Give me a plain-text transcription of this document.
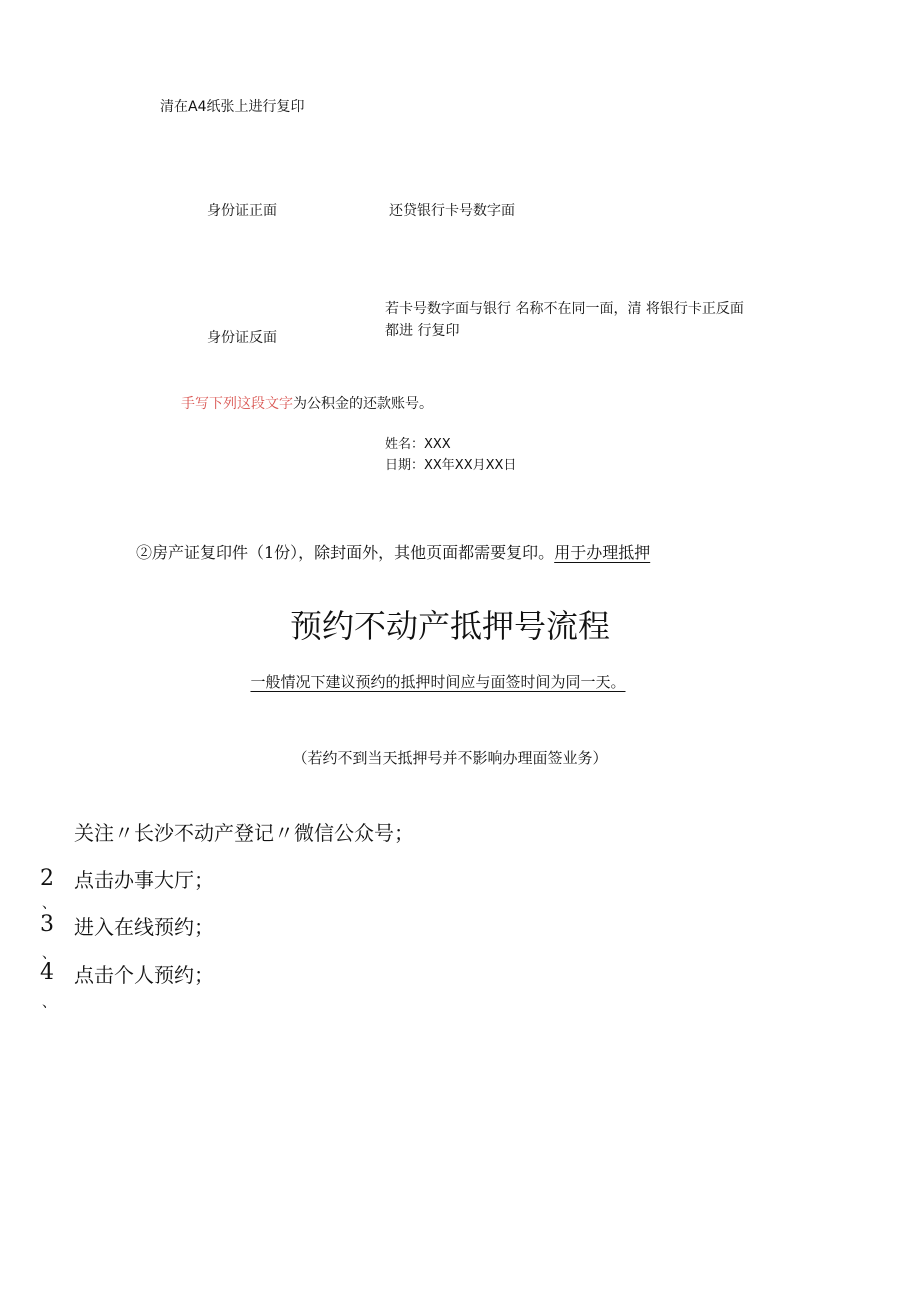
清在A4纸张上进行复印
身份证正面	还贷银行卡号数字面
若卡号数字面与银行 名称不在同一面，清 将银行卡正反面都进 行复印
身份证反面
手写下列这段文字为公积金的还款账号。
姓名：XXX
日期：XX年XX月XX日
②房产证复印件（1份），除封面外，其他页面都需要复印。用于办理抵押
预约不动产抵押号流程
一般情况下建议预约的抵押时间应与面签时间为同一天。
（若约不到当天抵押号并不影响办理面签业务）
关注〃长沙不动产登记〃微信公众号；
2
、
点击办事大厅；
3
、
进入在线预约；
4
、
点击个人预约；
